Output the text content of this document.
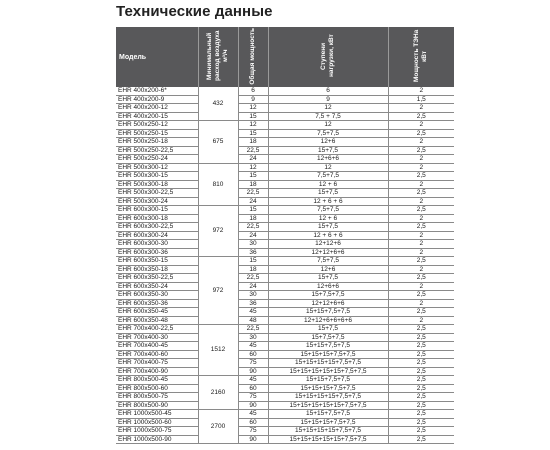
Технические данные
Модель	Минимальный расход воздуха м³/ч	Общая мощность	Ступени нагрузки, кВт	Мощность ТЭНа кВт
EHR 400x200-6*	432	6	6	2
EHR 400x200-9		9	9	1,5
EHR 400x200-12		12	12	2
EHR 400x200-15		15	7,5 + 7,5	2,5
EHR 500x250-12	675	12	12	2
EHR 500x250-15		15	7,5+7,5	2,5
EHR 500x250-18		18	12+6	2
EHR 500x250-22,5		22,5	15+7,5	2,5
EHR 500x250-24		24	12+6+6	2
EHR 500x300-12	810	12	12	2
EHR 500x300-15		15	7,5+7,5	2,5
EHR 500x300-18		18	12 + 6	2
EHR 500x300-22,5		22,5	15+7,5	2,5
EHR 500x300-24		24	12 + 6 + 6	2
EHR 600x300-15	972	15	7,5+7,5	2,5
EHR 600x300-18		18	12 + 6	2
EHR 600x300-22,5		22,5	15+7,5	2,5
EHR 600x300-24		24	12 + 6 + 6	2
EHR 600x300-30		30	12+12+6	2
EHR 600x300-36		36	12+12+6+6	2
EHR 600x350-15	972	15	7,5+7,5	2,5
EHR 600x350-18		18	12+6	2
EHR 600x350-22,5		22,5	15+7,5	2,5
EHR 600x350-24		24	12+6+6	2
EHR 600x350-30		30	15+7,5+7,5	2,5
EHR 600x350-36		36	12+12+6+6	2
EHR 600x350-45		45	15+15+7,5+7,5	2,5
EHR 600x350-48		48	12+12+6+6+6+6	2
EHR 700x400-22,5	1512	22,5	15+7,5	2,5
EHR 700x400-30		30	15+7,5+7,5	2,5
EHR 700x400-45		45	15+15+7,5+7,5	2,5
EHR 700x400-60		60	15+15+15+7,5+7,5	2,5
EHR 700x400-75		75	15+15+15+15+7,5+7,5	2,5
EHR 700x400-90		90	15+15+15+15+15+7,5+7,5	2,5
EHR 800x500-45	2160	45	15+15+7,5+7,5	2,5
EHR 800x500-60		60	15+15+15+7,5+7,5	2,5
EHR 800x500-75		75	15+15+15+15+7,5+7,5	2,5
EHR 800x500-90		90	15+15+15+15+15+7,5+7,5	2,5
EHR 1000x500-45	2700	45	15+15+7,5+7,5	2,5
EHR 1000x500-60		60	15+15+15+7,5+7,5	2,5
EHR 1000x500-75		75	15+15+15+15+7,5+7,5	2,5
EHR 1000x500-90		90	15+15+15+15+15+7,5+7,5	2,5
